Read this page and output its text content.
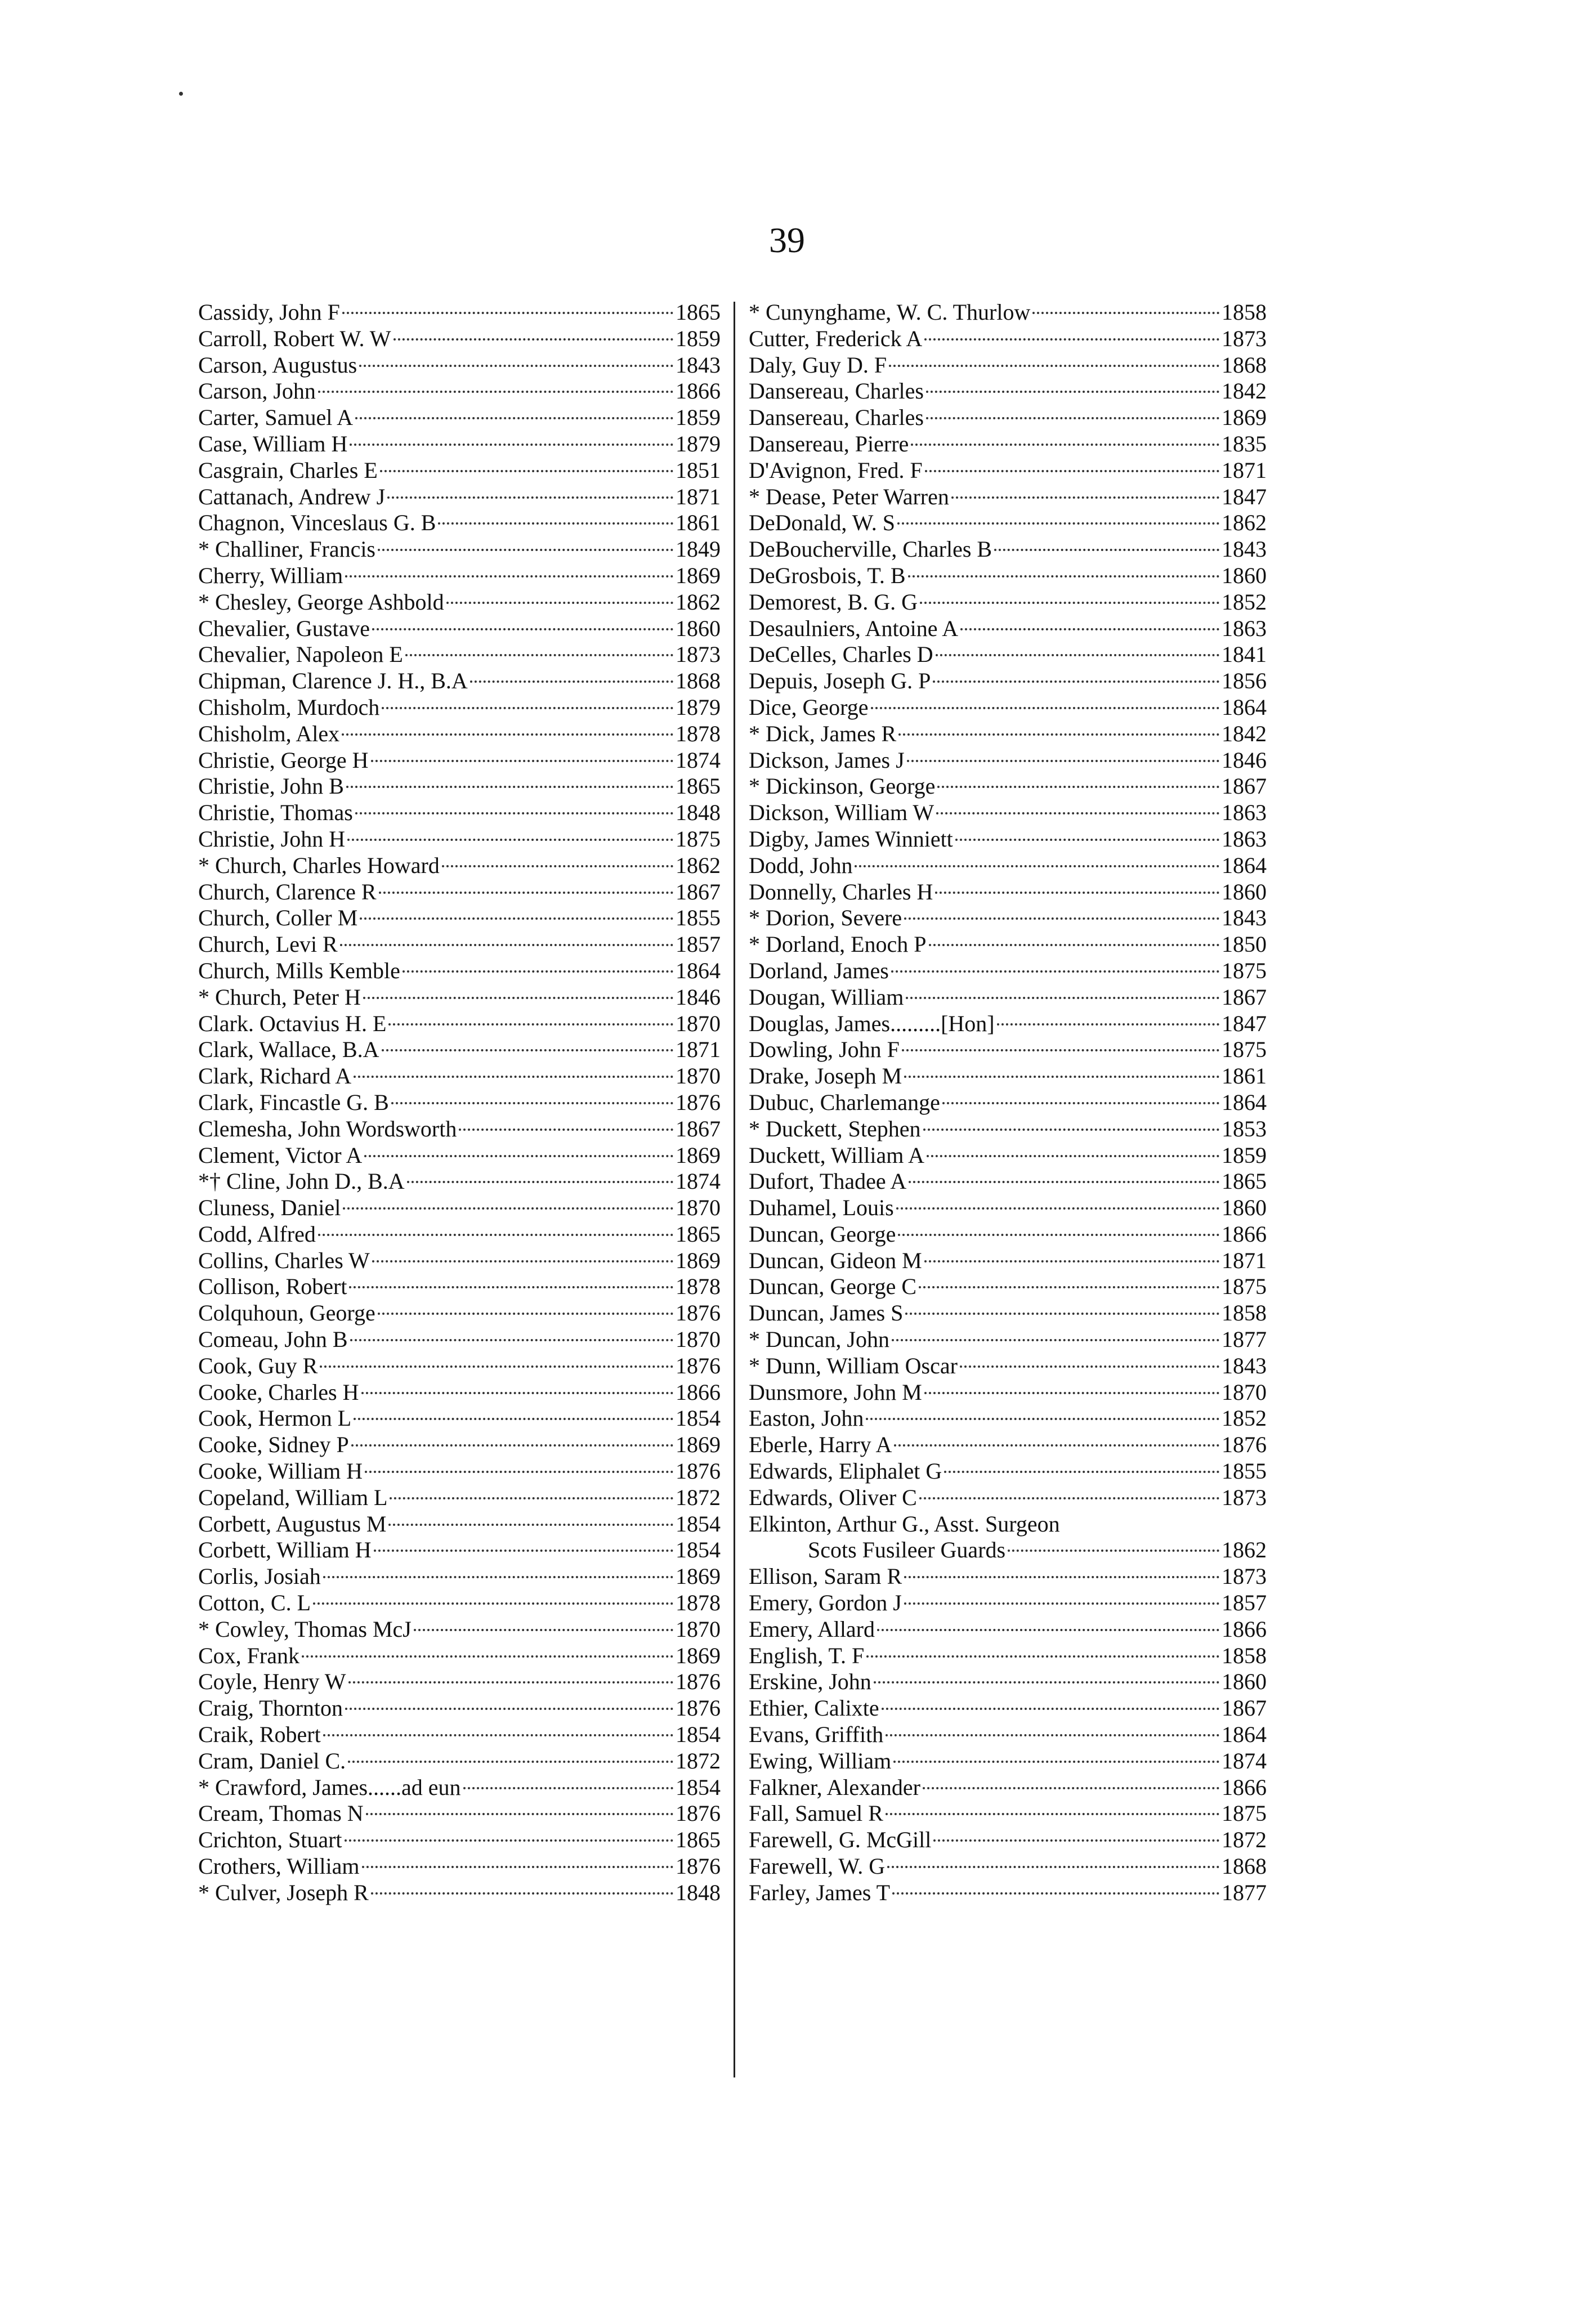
39
Cassidy, John F	1865
Carroll, Robert W. W	1859
Carson, Augustus	1843
Carson, John	1866
Carter, Samuel A	1859
Case, William H	1879
Casgrain, Charles E	1851
Cattanach, Andrew J	1871
Chagnon, Vinceslaus G. B	1861
* Challiner, Francis	1849
Cherry, William	1869
* Chesley, George Ashbold	1862
Chevalier, Gustave	1860
Chevalier, Napoleon E	1873
Chipman, Clarence J. H., B.A	1868
Chisholm, Murdoch	1879
Chisholm, Alex	1878
Christie, George H	1874
Christie, John B	1865
Christie, Thomas	1848
Christie, John H	1875
* Church, Charles Howard	1862
Church, Clarence R	1867
Church, Coller M	1855
Church, Levi R	1857
Church, Mills Kemble	1864
* Church, Peter H	1846
Clark. Octavius H. E	1870
Clark, Wallace, B.A	1871
Clark, Richard A	1870
Clark, Fincastle G. B	1876
Clemesha, John Wordsworth	1867
Clement, Victor A	1869
*† Cline, John D., B.A	1874
Cluness, Daniel	1870
Codd, Alfred	1865
Collins, Charles W	1869
Collison, Robert	1878
Colquhoun, George	1876
Comeau, John B	1870
Cook, Guy R	1876
Cooke, Charles H	1866
Cook, Hermon L	1854
Cooke, Sidney P	1869
Cooke, William H	1876
Copeland, William L	1872
Corbett, Augustus M	1854
Corbett, William H	1854
Corlis, Josiah	1869
Cotton, C. L	1878
* Cowley, Thomas McJ	1870
Cox, Frank	1869
Coyle, Henry W	1876
Craig, Thornton	1876
Craik, Robert	1854
Cram, Daniel C.	1872
* Crawford, James......ad eun	1854
Cream, Thomas N	1876
Crichton, Stuart	1865
Crothers, William	1876
* Culver, Joseph R	1848
* Cunynghame, W. C. Thurlow	1858
Cutter, Frederick A	1873
Daly, Guy D. F	1868
Dansereau, Charles	1842
Dansereau, Charles	1869
Dansereau, Pierre	1835
D'Avignon, Fred. F	1871
* Dease, Peter Warren	1847
DeDonald, W. S	1862
DeBoucherville, Charles B	1843
DeGrosbois, T. B	1860
Demorest, B. G. G	1852
Desaulniers, Antoine A	1863
DeCelles, Charles D	1841
Depuis, Joseph G. P	1856
Dice, George	1864
* Dick, James R	1842
Dickson, James J	1846
* Dickinson, George	1867
Dickson, William W	1863
Digby, James Winniett	1863
Dodd, John	1864
Donnelly, Charles H	1860
* Dorion, Severe	1843
* Dorland, Enoch P	1850
Dorland, James	1875
Dougan, William	1867
Douglas, James.........[Hon]	1847
Dowling, John F	1875
Drake, Joseph M	1861
Dubuc, Charlemange	1864
* Duckett, Stephen	1853
Duckett, William A	1859
Dufort, Thadee A	1865
Duhamel, Louis	1860
Duncan, George	1866
Duncan, Gideon M	1871
Duncan, George C	1875
Duncan, James S	1858
* Duncan, John	1877
* Dunn, William Oscar	1843
Dunsmore, John M	1870
Easton, John	1852
Eberle, Harry A	1876
Edwards, Eliphalet G	1855
Edwards, Oliver C	1873
Elkinton, Arthur G., Asst. Surgeon
Scots Fusileer Guards	1862
Ellison, Saram R	1873
Emery, Gordon J	1857
Emery, Allard	1866
English, T. F	1858
Erskine, John	1860
Ethier, Calixte	1867
Evans, Griffith	1864
Ewing, William	1874
Falkner, Alexander	1866
Fall, Samuel R	1875
Farewell, G. McGill	1872
Farewell, W. G	1868
Farley, James T	1877
